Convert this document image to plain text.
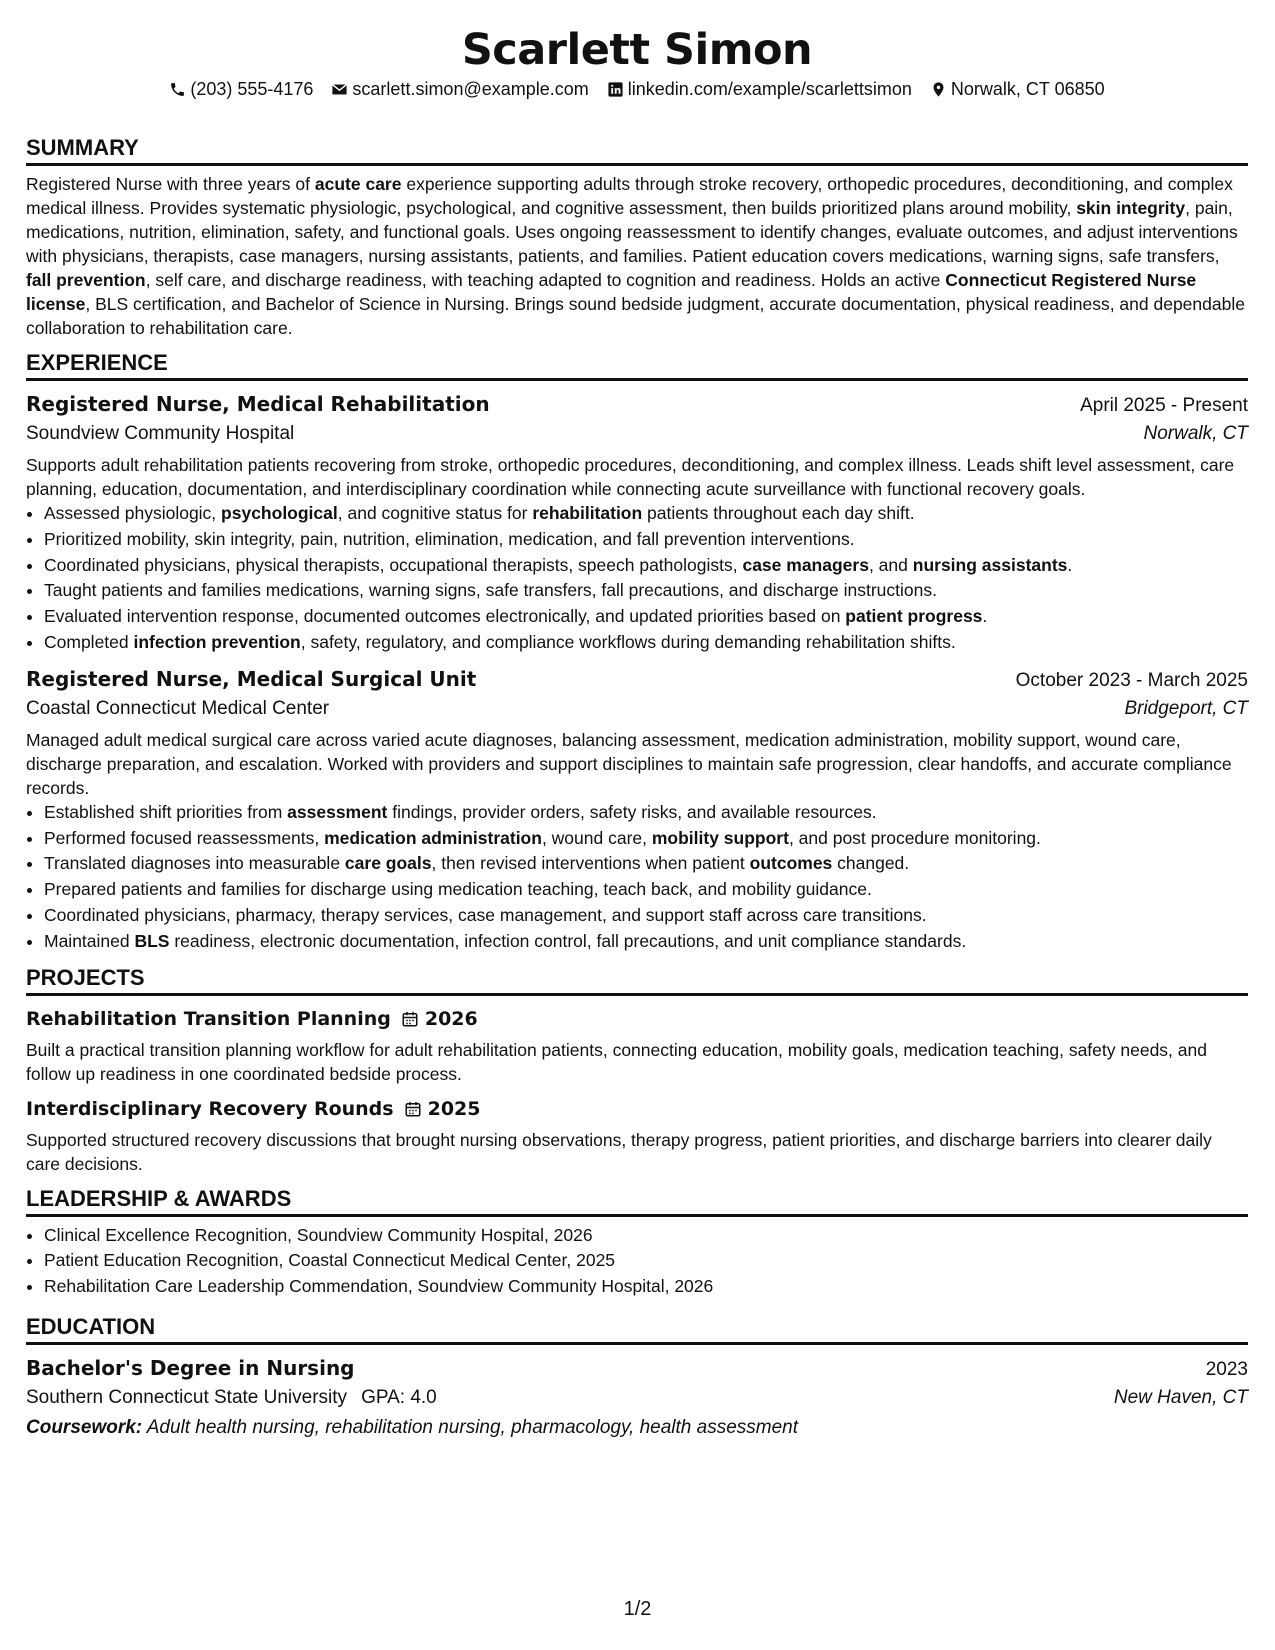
Scarlett Simon
(203) 555-4176 scarlett.simon@example.com linkedin.com/example/scarlettsimon Norwalk, CT 06850
SUMMARY
Registered Nurse with three years of acute care experience supporting adults through stroke recovery, orthopedic procedures, deconditioning, and complex medical illness. Provides systematic physiologic, psychological, and cognitive assessment, then builds prioritized plans around mobility, skin integrity, pain, medications, nutrition, elimination, safety, and functional goals. Uses ongoing reassessment to identify changes, evaluate outcomes, and adjust interventions with physicians, therapists, case managers, nursing assistants, patients, and families. Patient education covers medications, warning signs, safe transfers, fall prevention, self care, and discharge readiness, with teaching adapted to cognition and readiness. Holds an active Connecticut Registered Nurse license, BLS certification, and Bachelor of Science in Nursing. Brings sound bedside judgment, accurate documentation, physical readiness, and dependable collaboration to rehabilitation care.
EXPERIENCE
Registered Nurse, Medical Rehabilitation	April 2025 - Present
Soundview Community Hospital	Norwalk, CT
Supports adult rehabilitation patients recovering from stroke, orthopedic procedures, deconditioning, and complex illness. Leads shift level assessment, care planning, education, documentation, and interdisciplinary coordination while connecting acute surveillance with functional recovery goals.
• Assessed physiologic, psychological, and cognitive status for rehabilitation patients throughout each day shift.
• Prioritized mobility, skin integrity, pain, nutrition, elimination, medication, and fall prevention interventions.
• Coordinated physicians, physical therapists, occupational therapists, speech pathologists, case managers, and nursing assistants.
• Taught patients and families medications, warning signs, safe transfers, fall precautions, and discharge instructions.
• Evaluated intervention response, documented outcomes electronically, and updated priorities based on patient progress.
• Completed infection prevention, safety, regulatory, and compliance workflows during demanding rehabilitation shifts.
Registered Nurse, Medical Surgical Unit	October 2023 - March 2025
Coastal Connecticut Medical Center	Bridgeport, CT
Managed adult medical surgical care across varied acute diagnoses, balancing assessment, medication administration, mobility support, wound care, discharge preparation, and escalation. Worked with providers and support disciplines to maintain safe progression, clear handoffs, and accurate compliance records.
• Established shift priorities from assessment findings, provider orders, safety risks, and available resources.
• Performed focused reassessments, medication administration, wound care, mobility support, and post procedure monitoring.
• Translated diagnoses into measurable care goals, then revised interventions when patient outcomes changed.
• Prepared patients and families for discharge using medication teaching, teach back, and mobility guidance.
• Coordinated physicians, pharmacy, therapy services, case management, and support staff across care transitions.
• Maintained BLS readiness, electronic documentation, infection control, fall precautions, and unit compliance standards.
PROJECTS
Rehabilitation Transition Planning 2026
Built a practical transition planning workflow for adult rehabilitation patients, connecting education, mobility goals, medication teaching, safety needs, and follow up readiness in one coordinated bedside process.
Interdisciplinary Recovery Rounds 2025
Supported structured recovery discussions that brought nursing observations, therapy progress, patient priorities, and discharge barriers into clearer daily care decisions.
LEADERSHIP & AWARDS
• Clinical Excellence Recognition, Soundview Community Hospital, 2026
• Patient Education Recognition, Coastal Connecticut Medical Center, 2025
• Rehabilitation Care Leadership Commendation, Soundview Community Hospital, 2026
EDUCATION
Bachelor's Degree in Nursing	2023
Southern Connecticut State University GPA: 4.0	New Haven, CT
Coursework: Adult health nursing, rehabilitation nursing, pharmacology, health assessment
1/2
